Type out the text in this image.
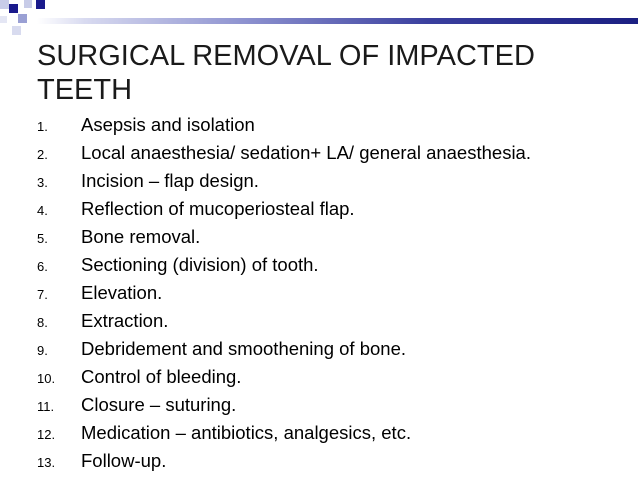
SURGICAL REMOVAL OF IMPACTED TEETH
1.	Asepsis and isolation
2.	Local anaesthesia/ sedation+ LA/ general anaesthesia.
3.	Incision – flap design.
4.	Reflection of mucoperiosteal flap.
5.	Bone removal.
6.	Sectioning (division) of tooth.
7.	Elevation.
8.	Extraction.
9.	Debridement and smoothening of bone.
10.	Control of bleeding.
11.	Closure – suturing.
12.	Medication – antibiotics, analgesics, etc.
13.	Follow-up.
